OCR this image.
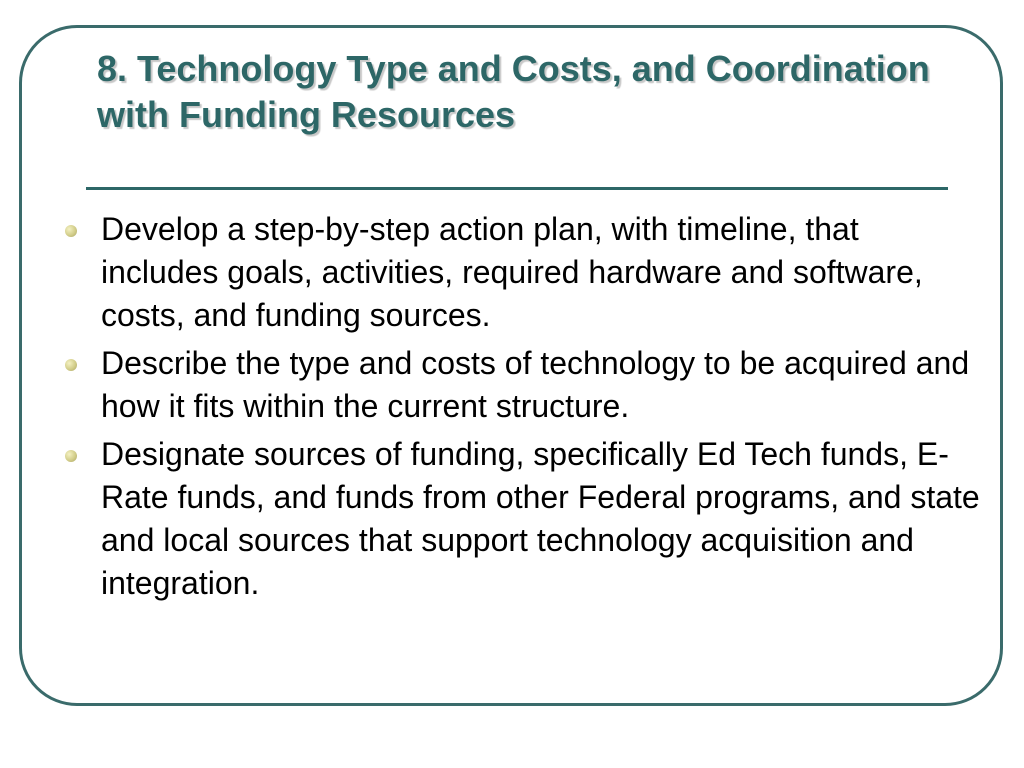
8. Technology Type and Costs, and Coordination with Funding Resources
Develop a step-by-step action plan, with timeline, that includes goals, activities, required hardware and software, costs, and funding sources.
Describe the type and costs of technology to be acquired and how it fits within the current structure.
Designate sources of funding, specifically Ed Tech funds, E-Rate funds, and funds from other Federal programs, and state and local sources that support technology acquisition and integration.
